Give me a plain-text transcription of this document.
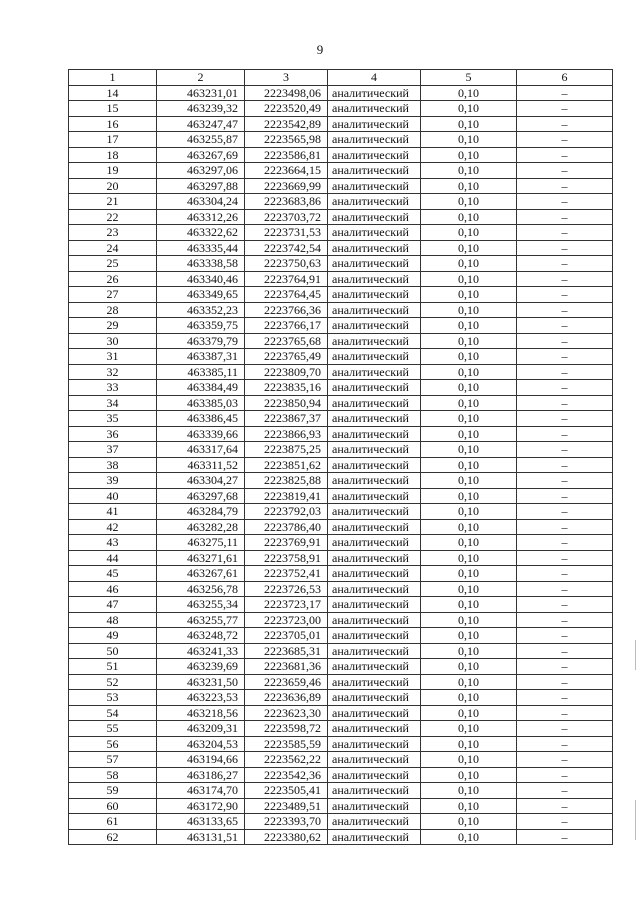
9
1	2	3	4	5	6
14	463231,01	2223498,06	аналитический	0,10	–
15	463239,32	2223520,49	аналитический	0,10	–
16	463247,47	2223542,89	аналитический	0,10	–
17	463255,87	2223565,98	аналитический	0,10	–
18	463267,69	2223586,81	аналитический	0,10	–
19	463297,06	2223664,15	аналитический	0,10	–
20	463297,88	2223669,99	аналитический	0,10	–
21	463304,24	2223683,86	аналитический	0,10	–
22	463312,26	2223703,72	аналитический	0,10	–
23	463322,62	2223731,53	аналитический	0,10	–
24	463335,44	2223742,54	аналитический	0,10	–
25	463338,58	2223750,63	аналитический	0,10	–
26	463340,46	2223764,91	аналитический	0,10	–
27	463349,65	2223764,45	аналитический	0,10	–
28	463352,23	2223766,36	аналитический	0,10	–
29	463359,75	2223766,17	аналитический	0,10	–
30	463379,79	2223765,68	аналитический	0,10	–
31	463387,31	2223765,49	аналитический	0,10	–
32	463385,11	2223809,70	аналитический	0,10	–
33	463384,49	2223835,16	аналитический	0,10	–
34	463385,03	2223850,94	аналитический	0,10	–
35	463386,45	2223867,37	аналитический	0,10	–
36	463339,66	2223866,93	аналитический	0,10	–
37	463317,64	2223875,25	аналитический	0,10	–
38	463311,52	2223851,62	аналитический	0,10	–
39	463304,27	2223825,88	аналитический	0,10	–
40	463297,68	2223819,41	аналитический	0,10	–
41	463284,79	2223792,03	аналитический	0,10	–
42	463282,28	2223786,40	аналитический	0,10	–
43	463275,11	2223769,91	аналитический	0,10	–
44	463271,61	2223758,91	аналитический	0,10	–
45	463267,61	2223752,41	аналитический	0,10	–
46	463256,78	2223726,53	аналитический	0,10	–
47	463255,34	2223723,17	аналитический	0,10	–
48	463255,77	2223723,00	аналитический	0,10	–
49	463248,72	2223705,01	аналитический	0,10	–
50	463241,33	2223685,31	аналитический	0,10	–
51	463239,69	2223681,36	аналитический	0,10	–
52	463231,50	2223659,46	аналитический	0,10	–
53	463223,53	2223636,89	аналитический	0,10	–
54	463218,56	2223623,30	аналитический	0,10	–
55	463209,31	2223598,72	аналитический	0,10	–
56	463204,53	2223585,59	аналитический	0,10	–
57	463194,66	2223562,22	аналитический	0,10	–
58	463186,27	2223542,36	аналитический	0,10	–
59	463174,70	2223505,41	аналитический	0,10	–
60	463172,90	2223489,51	аналитический	0,10	–
61	463133,65	2223393,70	аналитический	0,10	–
62	463131,51	2223380,62	аналитический	0,10	–
